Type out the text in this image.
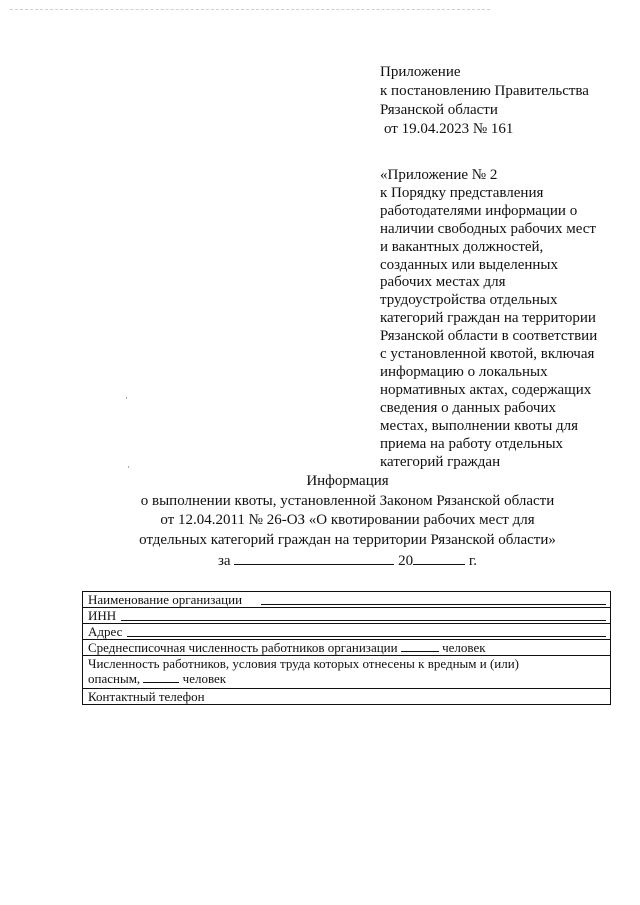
·
·
Приложение
к постановлению Правительства
Рязанской области
от 19.04.2023 № 161
«Приложение № 2
к Порядку представления
работодателями информации о
наличии свободных рабочих мест
и вакантных должностей,
созданных или выделенных
рабочих местах для
трудоустройства отдельных
категорий граждан на территории
Рязанской области в соответствии
с установленной квотой, включая
информацию о локальных
нормативных актах, содержащих
сведения о данных рабочих
местах, выполнении квоты для
приема на работу отдельных
категорий граждан
Информация
о выполнении квоты, установленной Законом Рязанской области
от 12.04.2011 № 26-ОЗ «О квотировании рабочих мест для
отдельных категорий граждан на территории Рязанской области»
за	20	г.
Наименование организации
ИНН
Адрес
Среднесписочная численность работников организации	человек
Численность работников, условия труда которых отнесены к вредным и (или)
опасным,	человек
Контактный телефон
